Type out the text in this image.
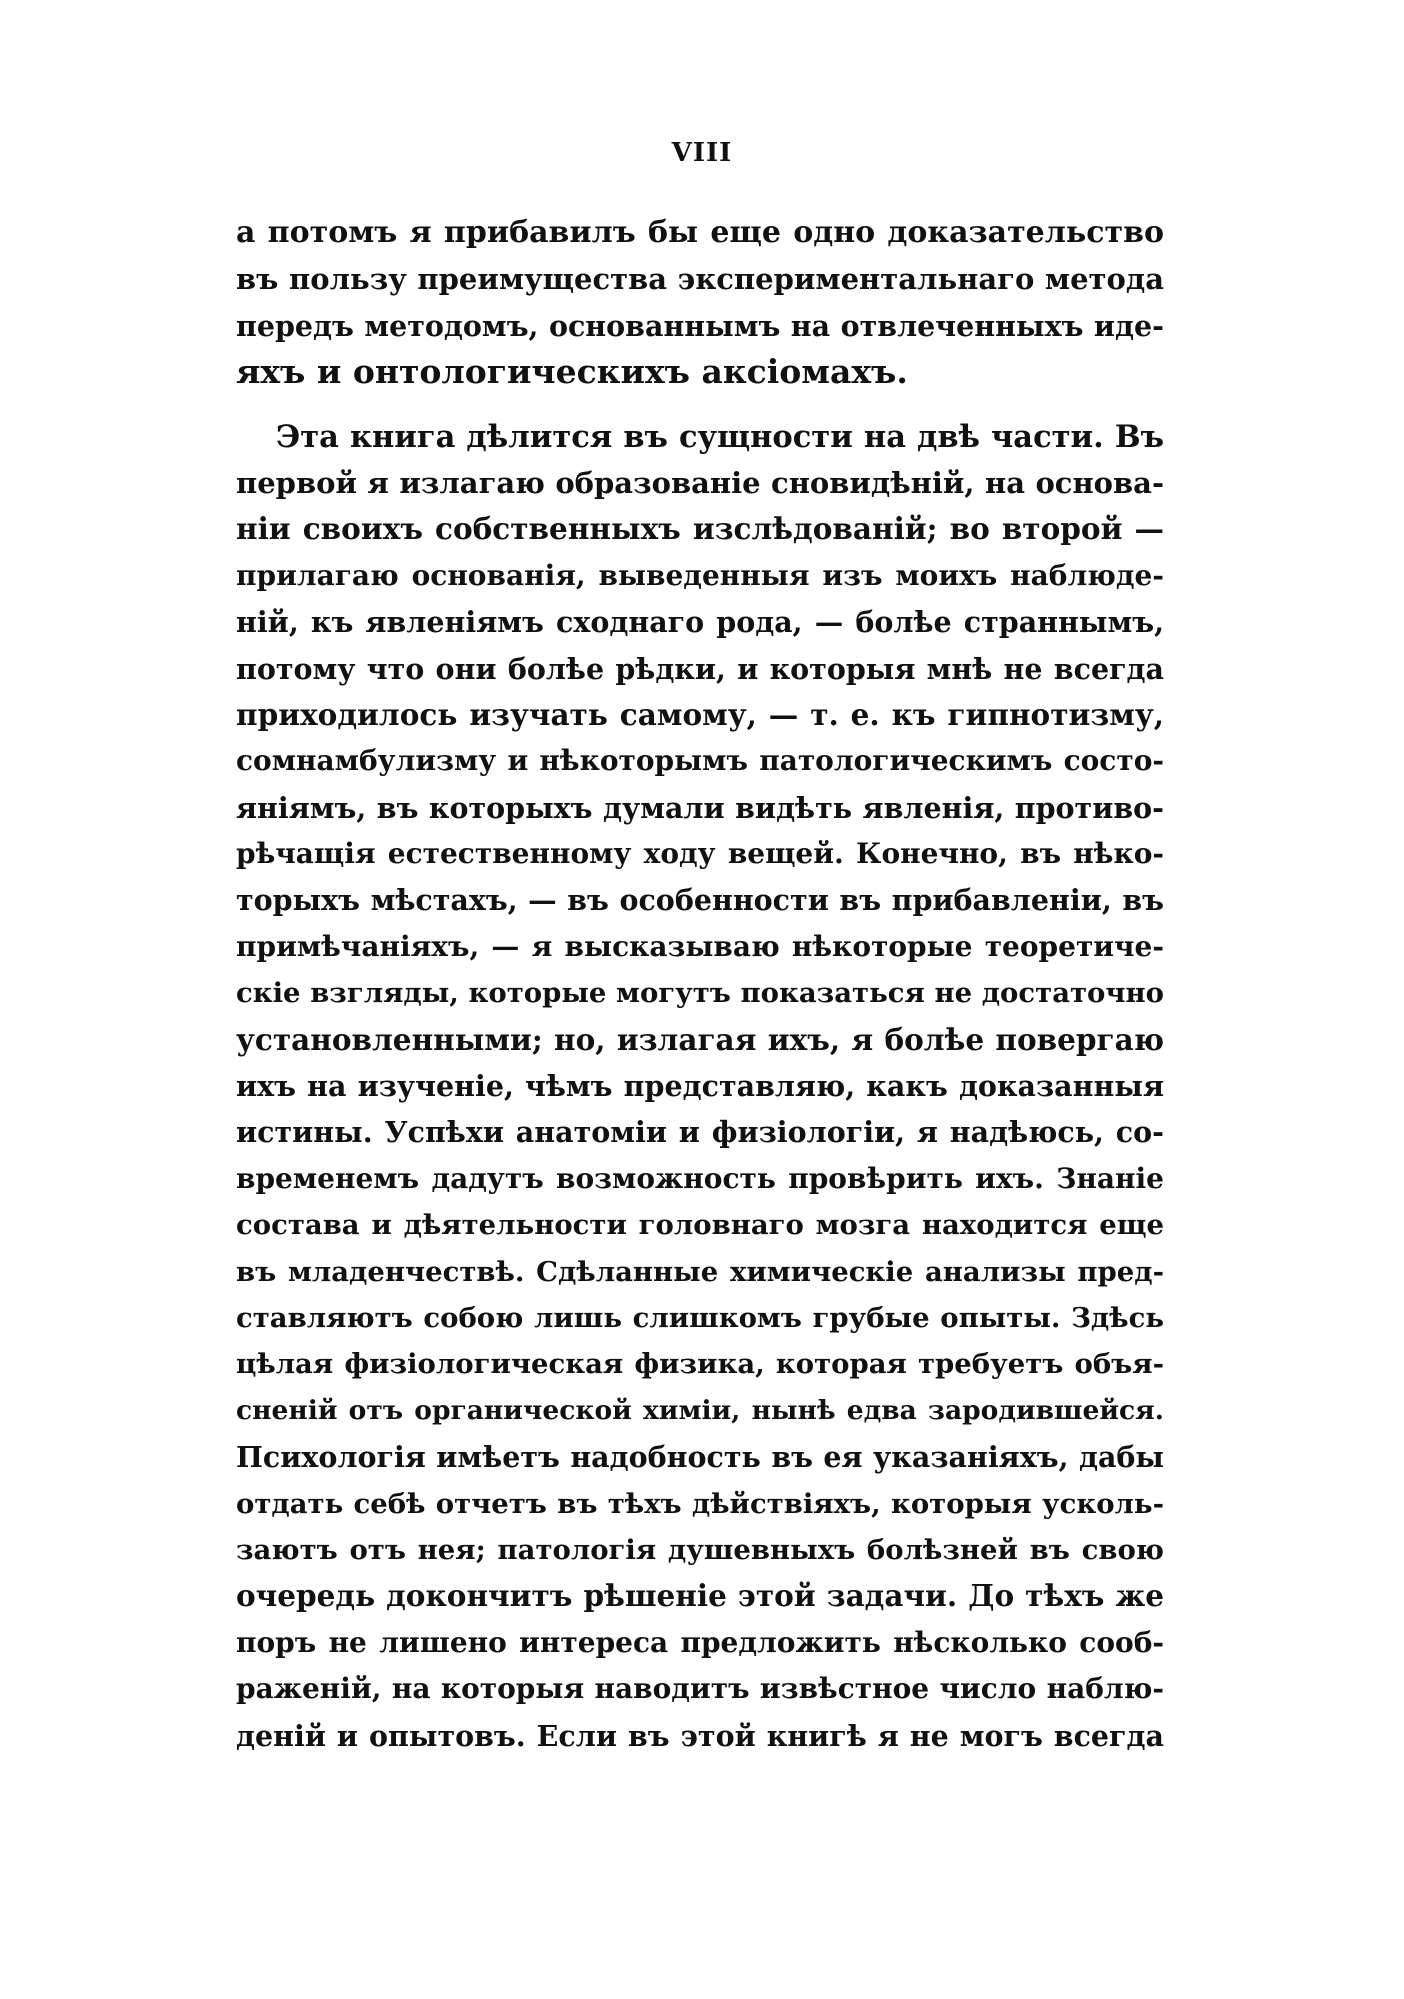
VIII
а потомъ я прибавилъ бы еще одно доказательство
въ пользу преимущества экспериментальнаго метода
передъ методомъ, основаннымъ на отвлеченныхъ иде-
яхъ и онтологическихъ аксіомахъ.
Эта книга дѣлится въ сущности на двѣ части. Въ
первой я излагаю образованіе сновидѣній, на основа-
ніи своихъ собственныхъ изслѣдованій; во второй —
прилагаю основанія, выведенныя изъ моихъ наблюде-
ній, къ явленіямъ сходнаго рода, — болѣе страннымъ,
потому что они болѣе рѣдки, и которыя мнѣ не всегда
приходилось изучать самому, — т. е. къ гипнотизму,
сомнамбулизму и нѣкоторымъ патологическимъ состо-
яніямъ, въ которыхъ думали видѣть явленія, противо-
рѣчащія естественному ходу вещей. Конечно, въ нѣко-
торыхъ мѣстахъ, — въ особенности въ прибавленіи, въ
примѣчаніяхъ, — я высказываю нѣкоторые теоретиче-
скіе взгляды, которые могутъ показаться не достаточно
установленными; но, излагая ихъ, я болѣе повергаю
ихъ на изученіе, чѣмъ представляю, какъ доказанныя
истины. Успѣхи анатоміи и физіологіи, я надѣюсь, со-
временемъ дадутъ возможность провѣрить ихъ. Знаніе
состава и дѣятельности головнаго мозга находится еще
въ младенчествѣ. Сдѣланные химическіе анализы пред-
ставляютъ собою лишь слишкомъ грубые опыты. Здѣсь
цѣлая физіологическая физика, которая требуетъ объя-
сненій отъ органической химіи, нынѣ едва зародившейся.
Психологія имѣетъ надобность въ ея указаніяхъ, дабы
отдать себѣ отчетъ въ тѣхъ дѣйствіяхъ, которыя усколь-
заютъ отъ нея; патологія душевныхъ болѣзней въ свою
очередь докончитъ рѣшеніе этой задачи. До тѣхъ же
поръ не лишено интереса предложить нѣсколько сооб-
раженій, на которыя наводитъ извѣстное число наблю-
деній и опытовъ. Если въ этой книгѣ я не могъ всегда
